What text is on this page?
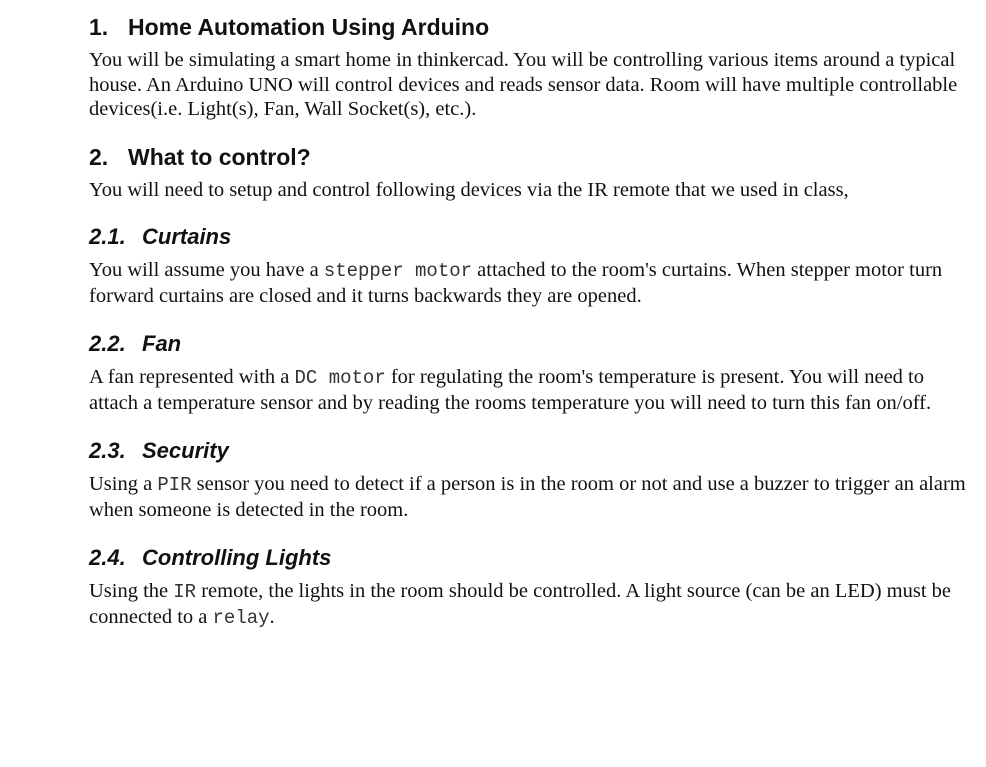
1. Home Automation Using Arduino

You will be simulating a smart home in thinkercad. You will be controlling various items around a typical house. An Arduino UNO will control devices and reads sensor data. Room will have multiple controllable devices(i.e. Light(s), Fan, Wall Socket(s), etc.).

2. What to control?

You will need to setup and control following devices via the IR remote that we used in class,

2.1. Curtains

You will assume you have a stepper motor attached to the room's curtains. When stepper motor turn forward curtains are closed and it turns backwards they are opened.

2.2. Fan

A fan represented with a DC motor for regulating the room's temperature is present. You will need to attach a temperature sensor and by reading the rooms temperature you will need to turn this fan on/off.

2.3. Security

Using a PIR sensor you need to detect if a person is in the room or not and use a buzzer to trigger an alarm when someone is detected in the room.

2.4. Controlling Lights

Using the IR remote, the lights in the room should be controlled. A light source (can be an LED) must be connected to a relay.
